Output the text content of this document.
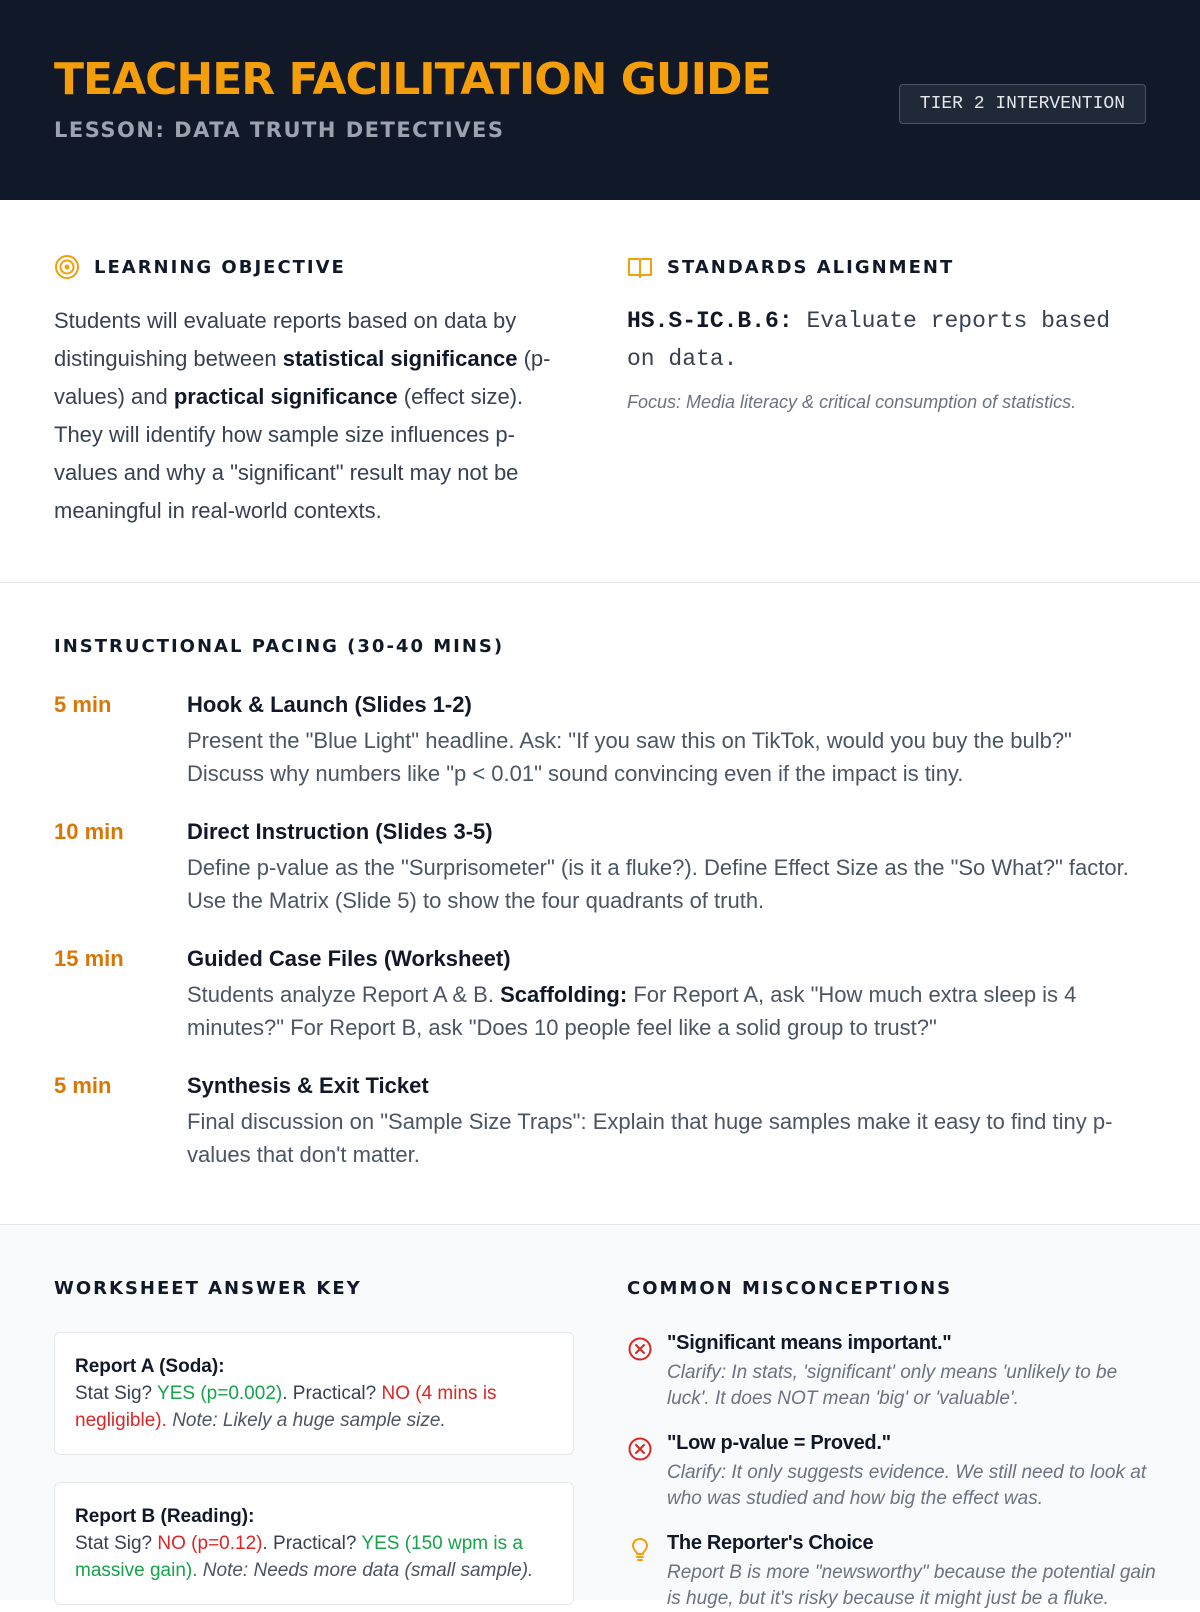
TEACHER FACILITATION GUIDE
LESSON: DATA TRUTH DETECTIVES
TIER 2 INTERVENTION
LEARNING OBJECTIVE

Students will evaluate reports based on data by distinguishing between statistical significance (p-values) and practical significance (effect size). They will identify how sample size influences p-values and why a "significant" result may not be meaningful in real-world contexts.

STANDARDS ALIGNMENT

HS.S-IC.B.6: Evaluate reports based on data.

Focus: Media literacy & critical consumption of statistics.

INSTRUCTIONAL PACING (30-40 MINS)
5 min	Hook & Launch (Slides 1-2)

Present the "Blue Light" headline. Ask: "If you saw this on TikTok, would you buy the bulb?" Discuss why numbers like "p < 0.01" sound convincing even if the impact is tiny.

10 min	Direct Instruction (Slides 3-5)

Define p-value as the "Surprisometer" (is it a fluke?). Define Effect Size as the "So What?" factor. Use the Matrix (Slide 5) to show the four quadrants of truth.

15 min	Guided Case Files (Worksheet)

Students analyze Report A & B. Scaffolding: For Report A, ask "How much extra sleep is 4 minutes?" For Report B, ask "Does 10 people feel like a solid group to trust?"

5 min	Synthesis & Exit Ticket

Final discussion on "Sample Size Traps": Explain that huge samples make it easy to find tiny p-values that don't matter.

WORKSHEET ANSWER KEY	COMMON MISCONCEPTIONS
Report A (Soda):
Stat Sig? YES (p=0.002). Practical? NO (4 mins is negligible). Note: Likely a huge sample size.
Report B (Reading):
Stat Sig? NO (p=0.12). Practical? YES (150 wpm is a massive gain). Note: Needs more data (small sample).
"Significant means important."

Clarify: In stats, 'significant' only means 'unlikely to be luck'. It does NOT mean 'big' or 'valuable'.

"Low p-value = Proved."

Clarify: It only suggests evidence. We still need to look at who was studied and how big the effect was.

The Reporter's Choice

Report B is more "newsworthy" because the potential gain is huge, but it's risky because it might just be a fluke.
